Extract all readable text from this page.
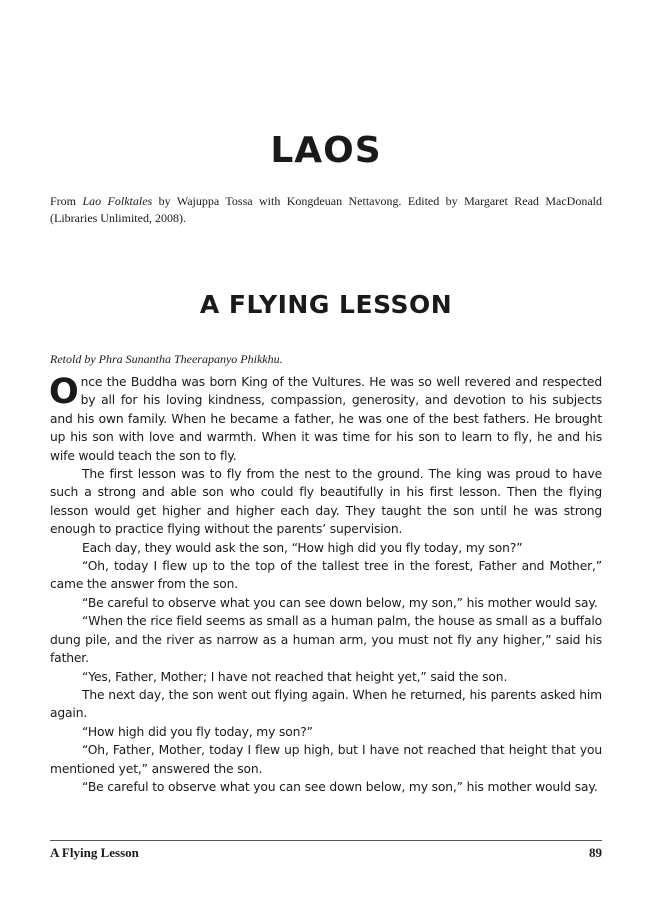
LAOS

From Lao Folktales by Wajuppa Tossa with Kongdeuan Nettavong. Edited by Margaret Read MacDonald (Libraries Unlimited, 2008).

A FLYING LESSON

Retold by Phra Sunantha Theerapanyo Phikkhu.

Once the Buddha was born King of the Vultures. He was so well revered and respected by all for his loving kindness, compassion, generosity, and devotion to his subjects and his own family. When he became a father, he was one of the best fathers. He brought up his son with love and warmth. When it was time for his son to learn to fly, he and his wife would teach the son to fly.

The first lesson was to fly from the nest to the ground. The king was proud to have such a strong and able son who could fly beautifully in his first lesson. Then the flying lesson would get higher and higher each day. They taught the son until he was strong enough to practice flying without the parents’ supervision.

Each day, they would ask the son, “How high did you fly today, my son?”

“Oh, today I flew up to the top of the tallest tree in the forest, Father and Mother,” came the answer from the son.

“Be careful to observe what you can see down below, my son,” his mother would say.

“When the rice field seems as small as a human palm, the house as small as a buffalo dung pile, and the river as narrow as a human arm, you must not fly any higher,” said his father.

“Yes, Father, Mother; I have not reached that height yet,” said the son.

The next day, the son went out flying again. When he returned, his parents asked him again.

“How high did you fly today, my son?”

“Oh, Father, Mother, today I flew up high, but I have not reached that height that you mentioned yet,” answered the son.

“Be careful to observe what you can see down below, my son,” his mother would say.

A Flying Lesson	89
